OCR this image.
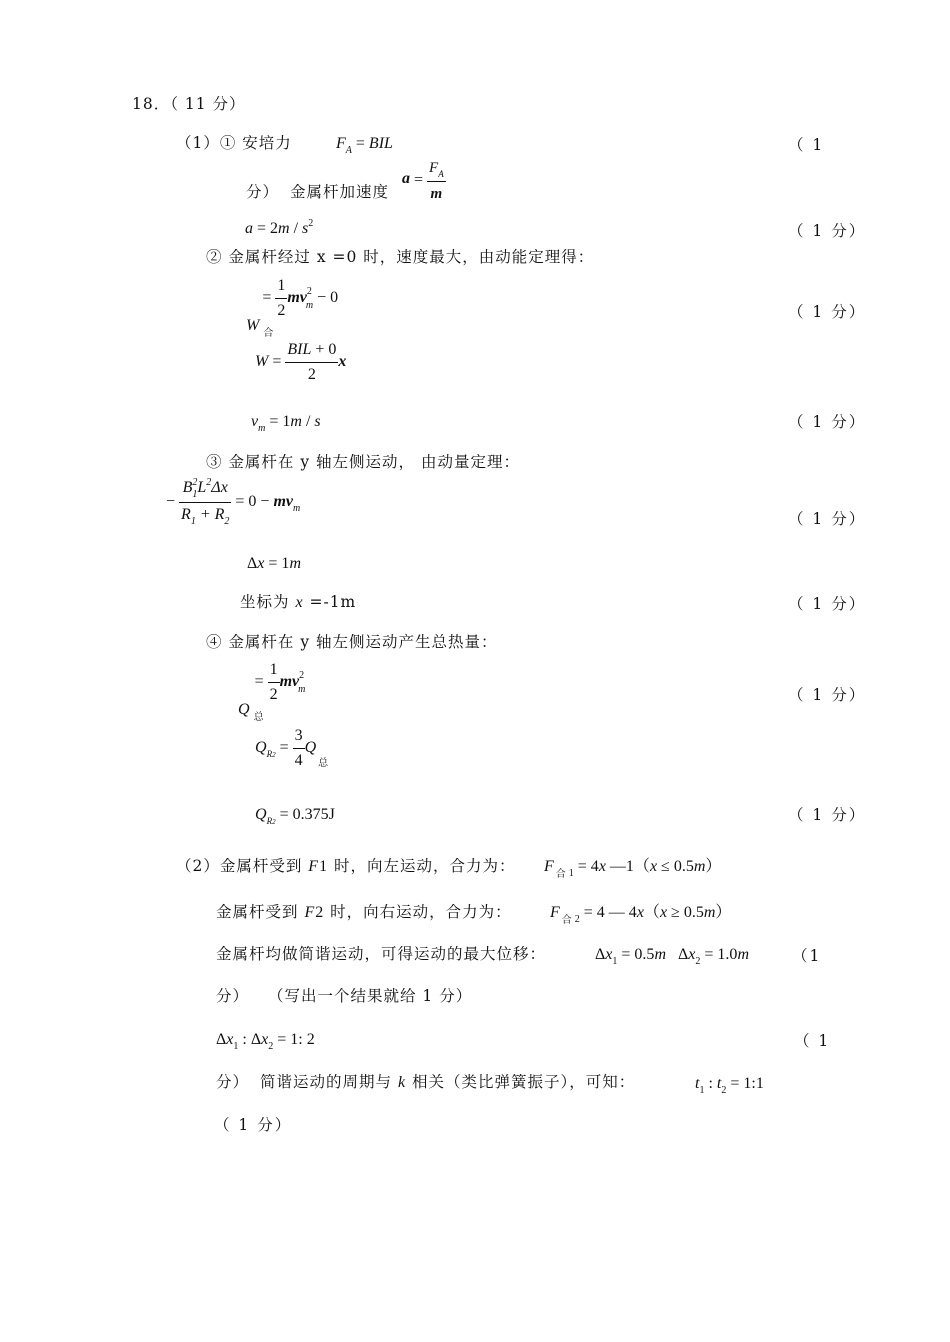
18．（ 11 分）
（1）① 安培力	$F_A$ = BIL	（ 1
分） 金属杆加速度
$a = \frac{F_A}{m}$
$a = 2m / s^2$	（ 1 分）
② 金属杆经过 x =0 时，速度最大，由动能定理得：
W $_合 = \frac{1}{2} mv^2m - 0$
（ 1 分）
$W = \frac{\text{BIL + 0}}{2}$ x
$v_m = 1m / s$	（ 1 分）
③ 金属杆在 y 轴左侧运动， 由动量定理：
− $\frac{B_1^2L^2\Delta x}{R_1 + R_2} = 0 - mv_m$
（ 1 分）
Δx = 1m
坐标为 x =-1m	（ 1 分）
④ 金属杆在 y 轴左侧运动产生总热量：
Q $_总 = \frac{1}{2} mv^2_m$	（ 1 分）
$Q_{R2} = \frac{3}{4} Q_总$
$Q_{R2} = 0.375J$	（ 1 分）
（2）金属杆受到 F1 时，向左运动，合力为： F $_合$ $_1$ = 4x —1（x ≤ 0.5m）
金属杆受到 F2 时，向右运动，合力为： F $_合$ $_2$ = 4 — 4x（x ≥ 0.5m）
金属杆均做简谐运动，可得运动的最大位移：	$\Delta x_1 = 0.5m$   $\Delta x_2 = 1.0m$	（1
分） （写出一个结果就给 1 分）
$\Delta x_1$ : $\Delta x_2 = 1$: 2	（ 1
分） 简谐运动的周期与 k 相关（类比弹簧振子），可知：	$t_1$ : $t_2$ = 1:1
（ 1 分）
